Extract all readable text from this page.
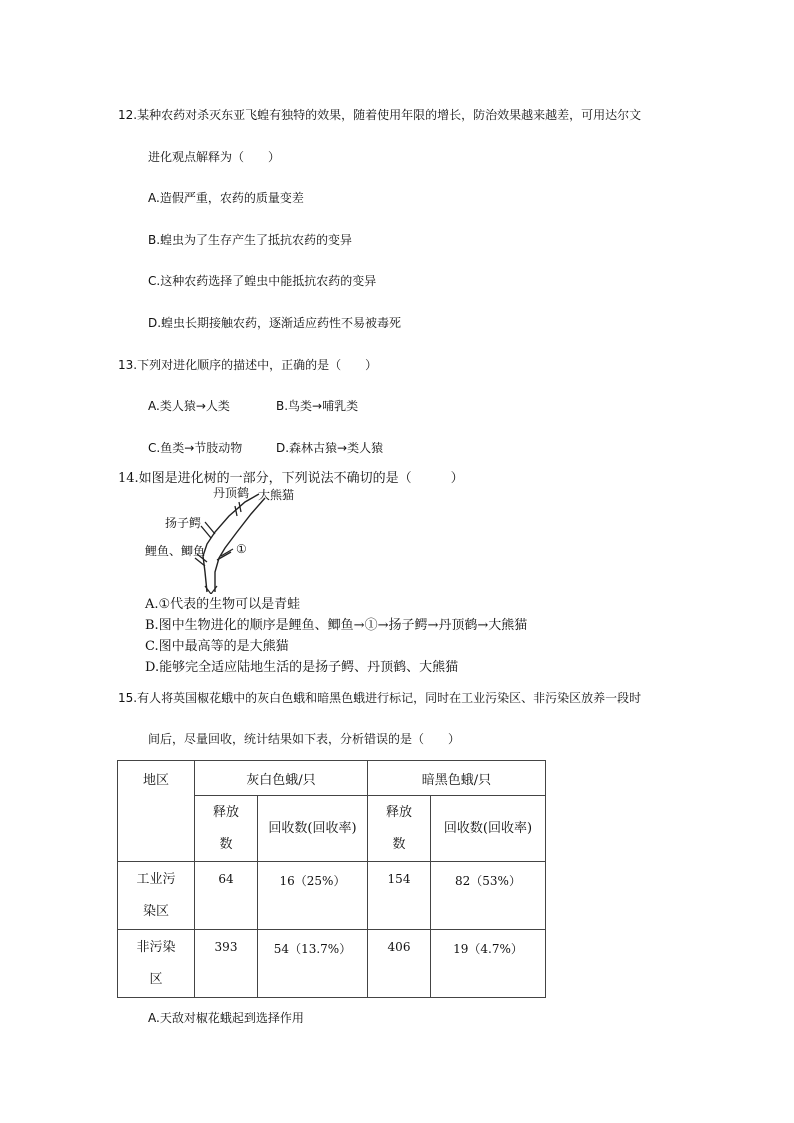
12.某种农药对杀灭东亚飞蝗有独特的效果，随着使用年限的增长，防治效果越来越差，可用达尔文
进化观点解释为（　　）
A.造假严重，农药的质量变差
B.蝗虫为了生存产生了抵抗农药的变异
C.这种农药选择了蝗虫中能抵抗农药的变异
D.蝗虫长期接触农药，逐渐适应药性不易被毒死
13.下列对进化顺序的描述中，正确的是（　　）
A.类人猿→人类	B.鸟类→哺乳类
C.鱼类→节肢动物	D.森林古猿→类人猿
14.如图是进化树的一部分，下列说法不确切的是（　　　）
丹顶鹤 大熊猫
扬子鳄
鲤鱼、鲫鱼	①
A.①代表的生物可以是青蛙
B.图中生物进化的顺序是鲤鱼、鲫鱼→①→扬子鳄→丹顶鹤→大熊猫
C.图中最高等的是大熊猫
D.能够完全适应陆地生活的是扬子鳄、丹顶鹤、大熊猫
15.有人将英国椒花蛾中的灰白色蛾和暗黑色蛾进行标记，同时在工业污染区、非污染区放养一段时
间后，尽量回收，统计结果如下表，分析错误的是（　　）
地区	灰白色蛾/只		暗黑色蛾/只	

	释放数	回收数(回收率)	释放数	回收数(回收率)

工业污染区	64	16（25%）	154	82（53%）

非污染区	393	54（13.7%）	406	19（4.7%）
A.天敌对椒花蛾起到选择作用
